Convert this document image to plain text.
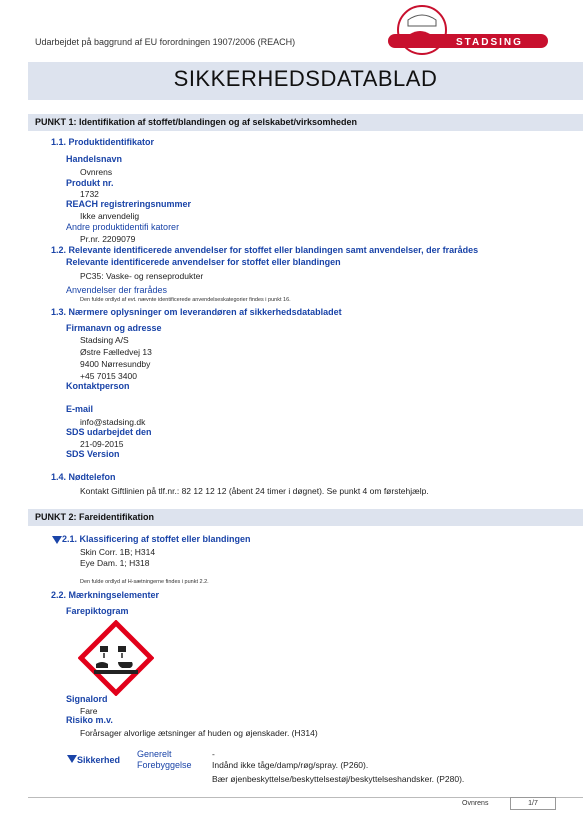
Udarbejdet på baggrund af EU forordningen 1907/2006 (REACH)	STADSING
SIKKERHEDSDATABLAD
PUNKT 1: Identifikation af stoffet/blandingen og af selskabet/virksomheden
1.1. Produktidentifikator
Handelsnavn
Ovnrens
Produkt nr.
1732
REACH registreringsnummer
Ikke anvendelig
Andre produktidentifi katorer
Pr.nr. 2209079
1.2. Relevante identificerede anvendelser for stoffet eller blandingen samt anvendelser, der frarådes
Relevante identificerede anvendelser for stoffet eller blandingen
PC35: Vaske- og renseprodukter
Anvendelser der frarådes
Den fulde ordlyd af evt. nævnte identificerede anvendelseskategorier findes i punkt 16.
1.3. Nærmere oplysninger om leverandøren af sikkerhedsdatabladet
Firmanavn og adresse
Stadsing A/S
Østre Fælledvej 13
9400 Nørresundby
+45 7015 3400
Kontaktperson
E-mail
info@stadsing.dk
SDS udarbejdet den
21-09-2015
SDS Version
1.4. Nødtelefon
Kontakt Giftlinien på tlf.nr.: 82 12 12 12 (åbent 24 timer i døgnet). Se punkt 4 om førstehjælp.
PUNKT 2: Fareidentifikation
2.1. Klassificering af stoffet eller blandingen
Skin Corr. 1B; H314
Eye Dam. 1; H318
Den fulde ordlyd af H-sætningerne findes i punkt 2.2.
2.2. Mærkningselementer
Farepiktogram
Signalord
Fare
Risiko m.v.
Forårsager alvorlige ætsninger af huden og øjenskader. (H314)
Sikkerhed
Generelt	-
Forebyggelse Indånd ikke tåge/damp/røg/spray. (P260).
Bær øjenbeskyttelse/beskyttelsestøj/beskyttelseshandsker. (P280).
Ovnrens	1/7
